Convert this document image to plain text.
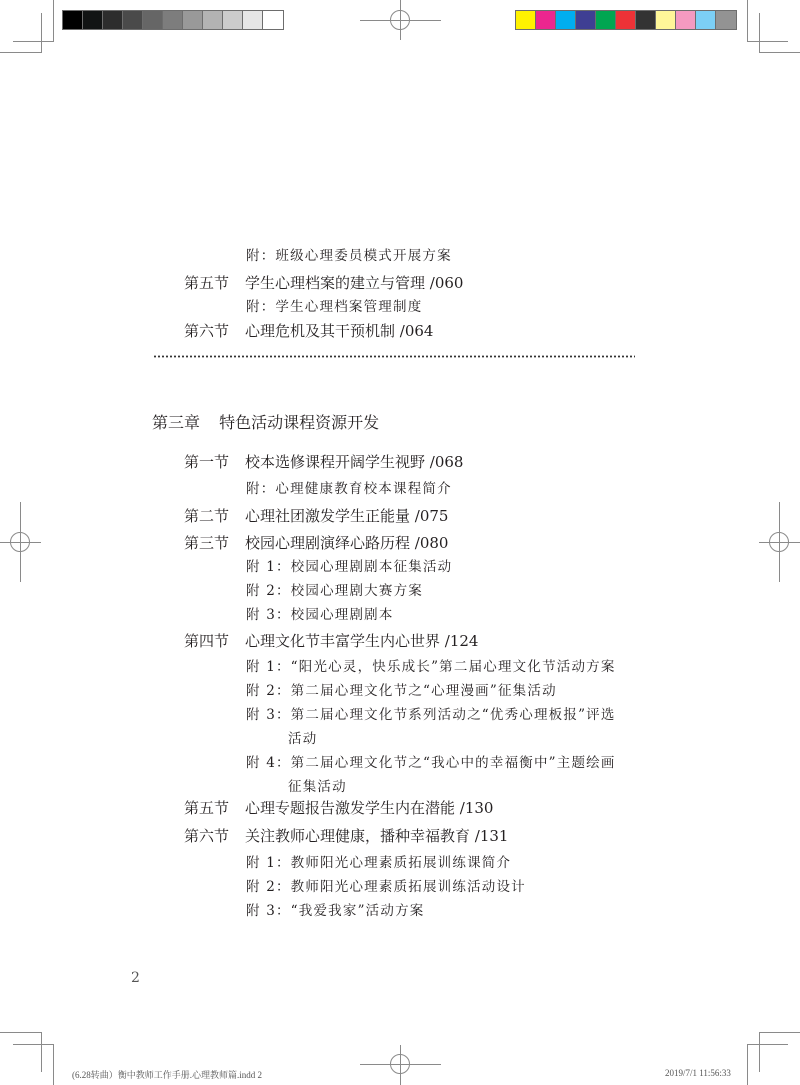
附：班级心理委员模式开展方案
第五节 学生心理档案的建立与管理 /060
附：学生心理档案管理制度
第六节 心理危机及其干预机制 /064
第三章 特色活动课程资源开发
第一节 校本选修课程开阔学生视野 /068
附：心理健康教育校本课程简介
第二节 心理社团激发学生正能量 /075
第三节 校园心理剧演绎心路历程 /080
附 1：校园心理剧剧本征集活动
附 2：校园心理剧大赛方案
附 3：校园心理剧剧本
第四节 心理文化节丰富学生内心世界 /124
附 1：“阳光心灵，快乐成长”第二届心理文化节活动方案
附 2：第二届心理文化节之“心理漫画”征集活动
附 3：第二届心理文化节系列活动之“优秀心理板报”评选
活动
附 4：第二届心理文化节之“我心中的幸福衡中”主题绘画
征集活动
第五节 心理专题报告激发学生内在潜能 /130
第六节 关注教师心理健康，播种幸福教育 /131
附 1：教师阳光心理素质拓展训练课简介
附 2：教师阳光心理素质拓展训练活动设计
附 3：“我爱我家”活动方案
2
(6.28转曲）衡中教师工作手册.心理教师篇.indd 2	2019/7/1 11:56:33
